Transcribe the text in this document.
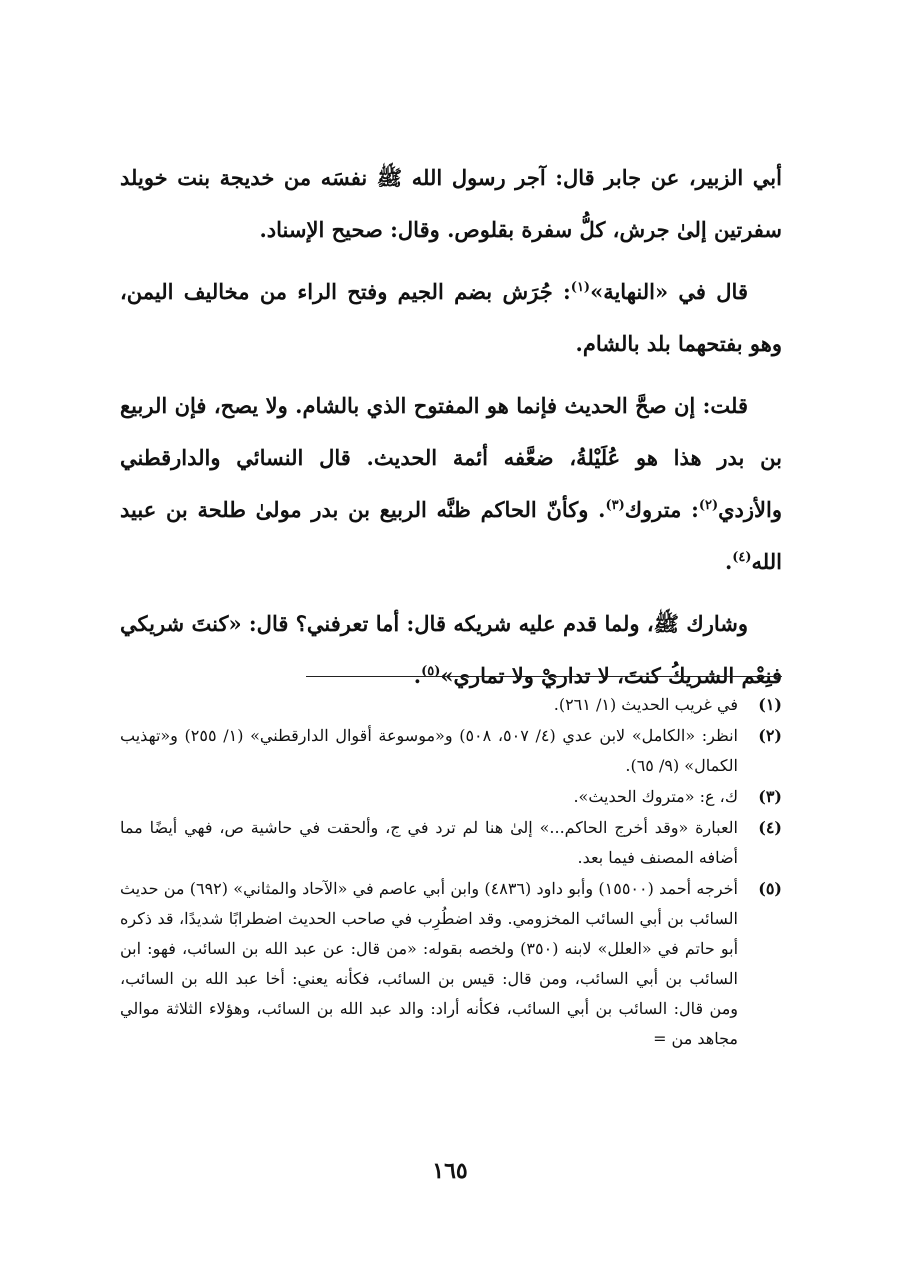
أبي الزبير، عن جابر قال: آجر رسول الله ﷺ نفسَه من خديجة بنت خويلد سفرتين إلىٰ جرش، كلُّ سفرة بقلوص. وقال: صحيح الإسناد.

قال في «النهاية»$^{(١)}$: جُرَش بضم الجيم وفتح الراء من مخاليف اليمن، وهو بفتحهما بلد بالشام.

قلت: إن صحَّ الحديث فإنما هو المفتوح الذي بالشام. ولا يصح، فإن الربيع بن بدر هذا هو عُلَيْلةُ، ضعَّفه أئمة الحديث. قال النسائي والدارقطني والأزدي$^{(٢)}$: متروك$^{(٣)}$. وكأنّ الحاكم ظنَّه الربيع بن بدر مولىٰ طلحة بن عبيد الله$^{(٤)}$.

وشارك ﷺ، ولما قدم عليه شريكه قال: أما تعرفني؟ قال: «كنتَ شريكي فنِعْم الشريكُ كنتَ، لا تداريْ ولا تماري»$^{(٥)}$.

(١)
في غريب الحديث (١/ ٢٦١).
(٢)
انظر: «الكامل» لابن عدي (٤/ ٥٠٧، ٥٠٨) و«موسوعة أقوال الدارقطني» (١/ ٢٥٥) و«تهذيب الكمال» (٩/ ٦٥).
(٣)
ك، ع: «متروك الحديث».
(٤)
العبارة «وقد أخرج الحاكم...» إلىٰ هنا لم ترد في ج، وألحقت في حاشية ص، فهي أيضًا مما أضافه المصنف فيما بعد.
(٥)
أخرجه أحمد (١٥٥٠٠) وأبو داود (٤٨٣٦) وابن أبي عاصم في «الآحاد والمثاني» (٦٩٢) من حديث السائب بن أبي السائب المخزومي. وقد اضطُرِب في صاحب الحديث اضطرابًا شديدًا، قد ذكره أبو حاتم في «العلل» لابنه (٣٥٠) ولخصه بقوله: «من قال: عن عبد الله بن السائب، فهو: ابن السائب بن أبي السائب، ومن قال: قيس بن السائب، فكأنه يعني: أخا عبد الله بن السائب، ومن قال: السائب بن أبي السائب، فكأنه أراد: والد عبد الله بن السائب، وهؤلاء الثلاثة موالي مجاهد من =
١٦٥
